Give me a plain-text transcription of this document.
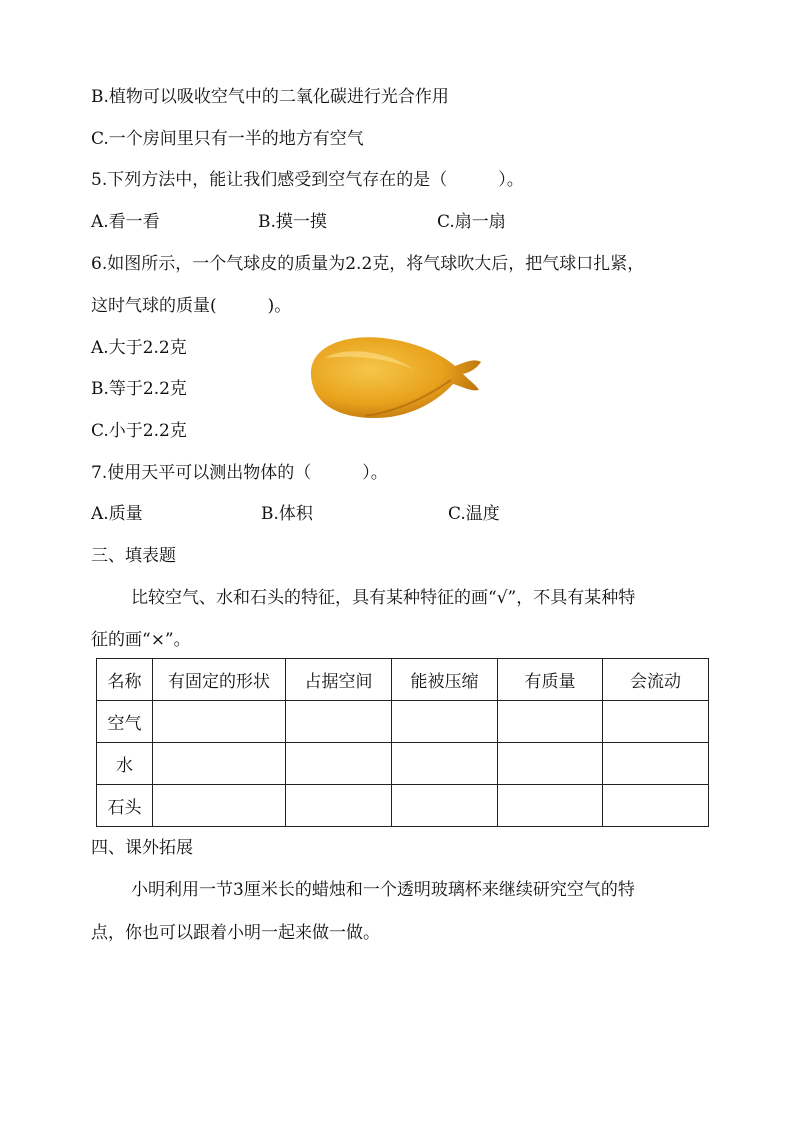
B.植物可以吸收空气中的二氧化碳进行光合作用
C.一个房间里只有一半的地方有空气
5.下列方法中，能让我们感受到空气存在的是（　　　）。
A.看一看	B.摸一摸	C.扇一扇
6.如图所示，一个气球皮的质量为2.2克，将气球吹大后，把气球口扎紧，
这时气球的质量(　　　)。
A.大于2.2克
B.等于2.2克
C.小于2.2克
7.使用天平可以测出物体的（　　　）。
A.质量	B.体积	C.温度
三、填表题
比较空气、水和石头的特征，具有某种特征的画“√”，不具有某种特
征的画“×”。
名称	有固定的形状	占据空间	能被压缩	有质量	会流动
空气					
水					
石头					
四、课外拓展
小明利用一节3厘米长的蜡烛和一个透明玻璃杯来继续研究空气的特
点，你也可以跟着小明一起来做一做。
